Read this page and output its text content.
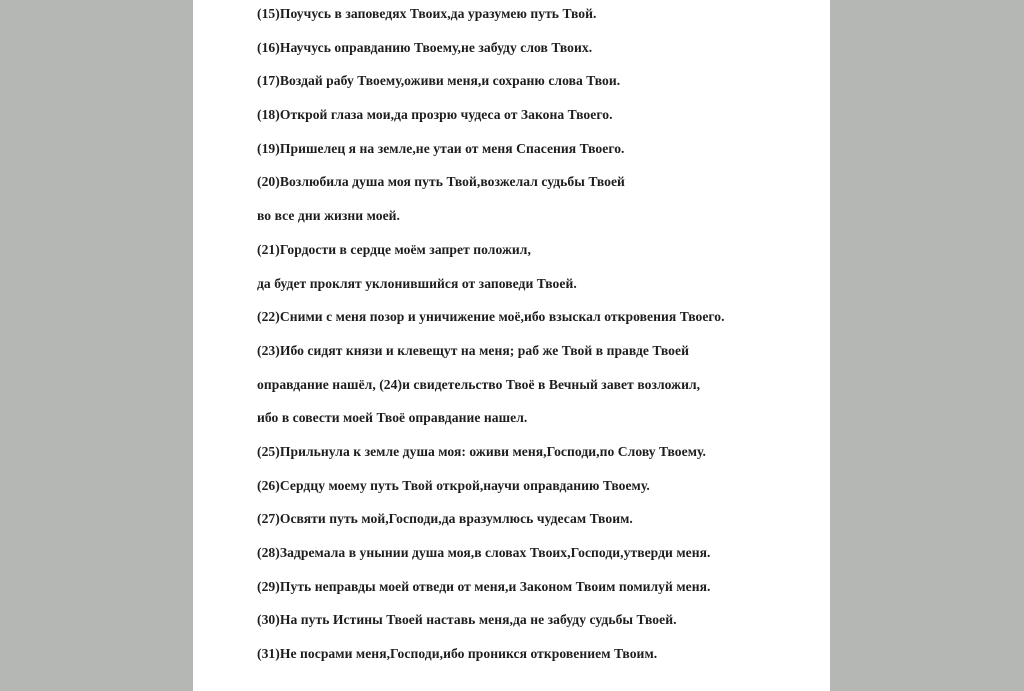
(15)Поучусь в заповедях Твоих,да уразумею путь Твой.
(16)Научусь оправданию Твоему,не забуду слов Твоих.
(17)Воздай рабу Твоему,оживи меня,и сохраню слова Твои.
(18)Открой глаза мои,да прозрю чудеса от Закона Твоего.
(19)Пришелец я на земле,не утаи от меня Спасения Твоего.
(20)Возлюбила душа моя путь Твой,возжелал судьбы Твоей
во все дни жизни моей.
(21)Гордости в сердце моём запрет положил,
да будет проклят уклонившийся от заповеди Твоей.
(22)Сними с меня позор и уничижение моё,ибо взыскал откровения Твоего.
(23)Ибо сидят князи и клевещут на меня; раб же Твой в правде Твоей
оправдание нашёл, (24)и свидетельство Твоё в Вечный завет возложил,
ибо в совести моей Твоё оправдание нашел.
(25)Прильнула к земле душа моя: оживи меня,Господи,по Слову Твоему.
(26)Сердцу моему путь Твой открой,научи оправданию Твоему.
(27)Освяти путь мой,Господи,да вразумлюсь чудесам Твоим.
(28)Задремала в унынии душа моя,в словах Твоих,Господи,утверди меня.
(29)Путь неправды моей отведи от меня,и Законом Твоим помилуй меня.
(30)На путь Истины Твоей наставь меня,да не забуду судьбы Твоей.
(31)Не посрами меня,Господи,ибо проникся откровением Твоим.
